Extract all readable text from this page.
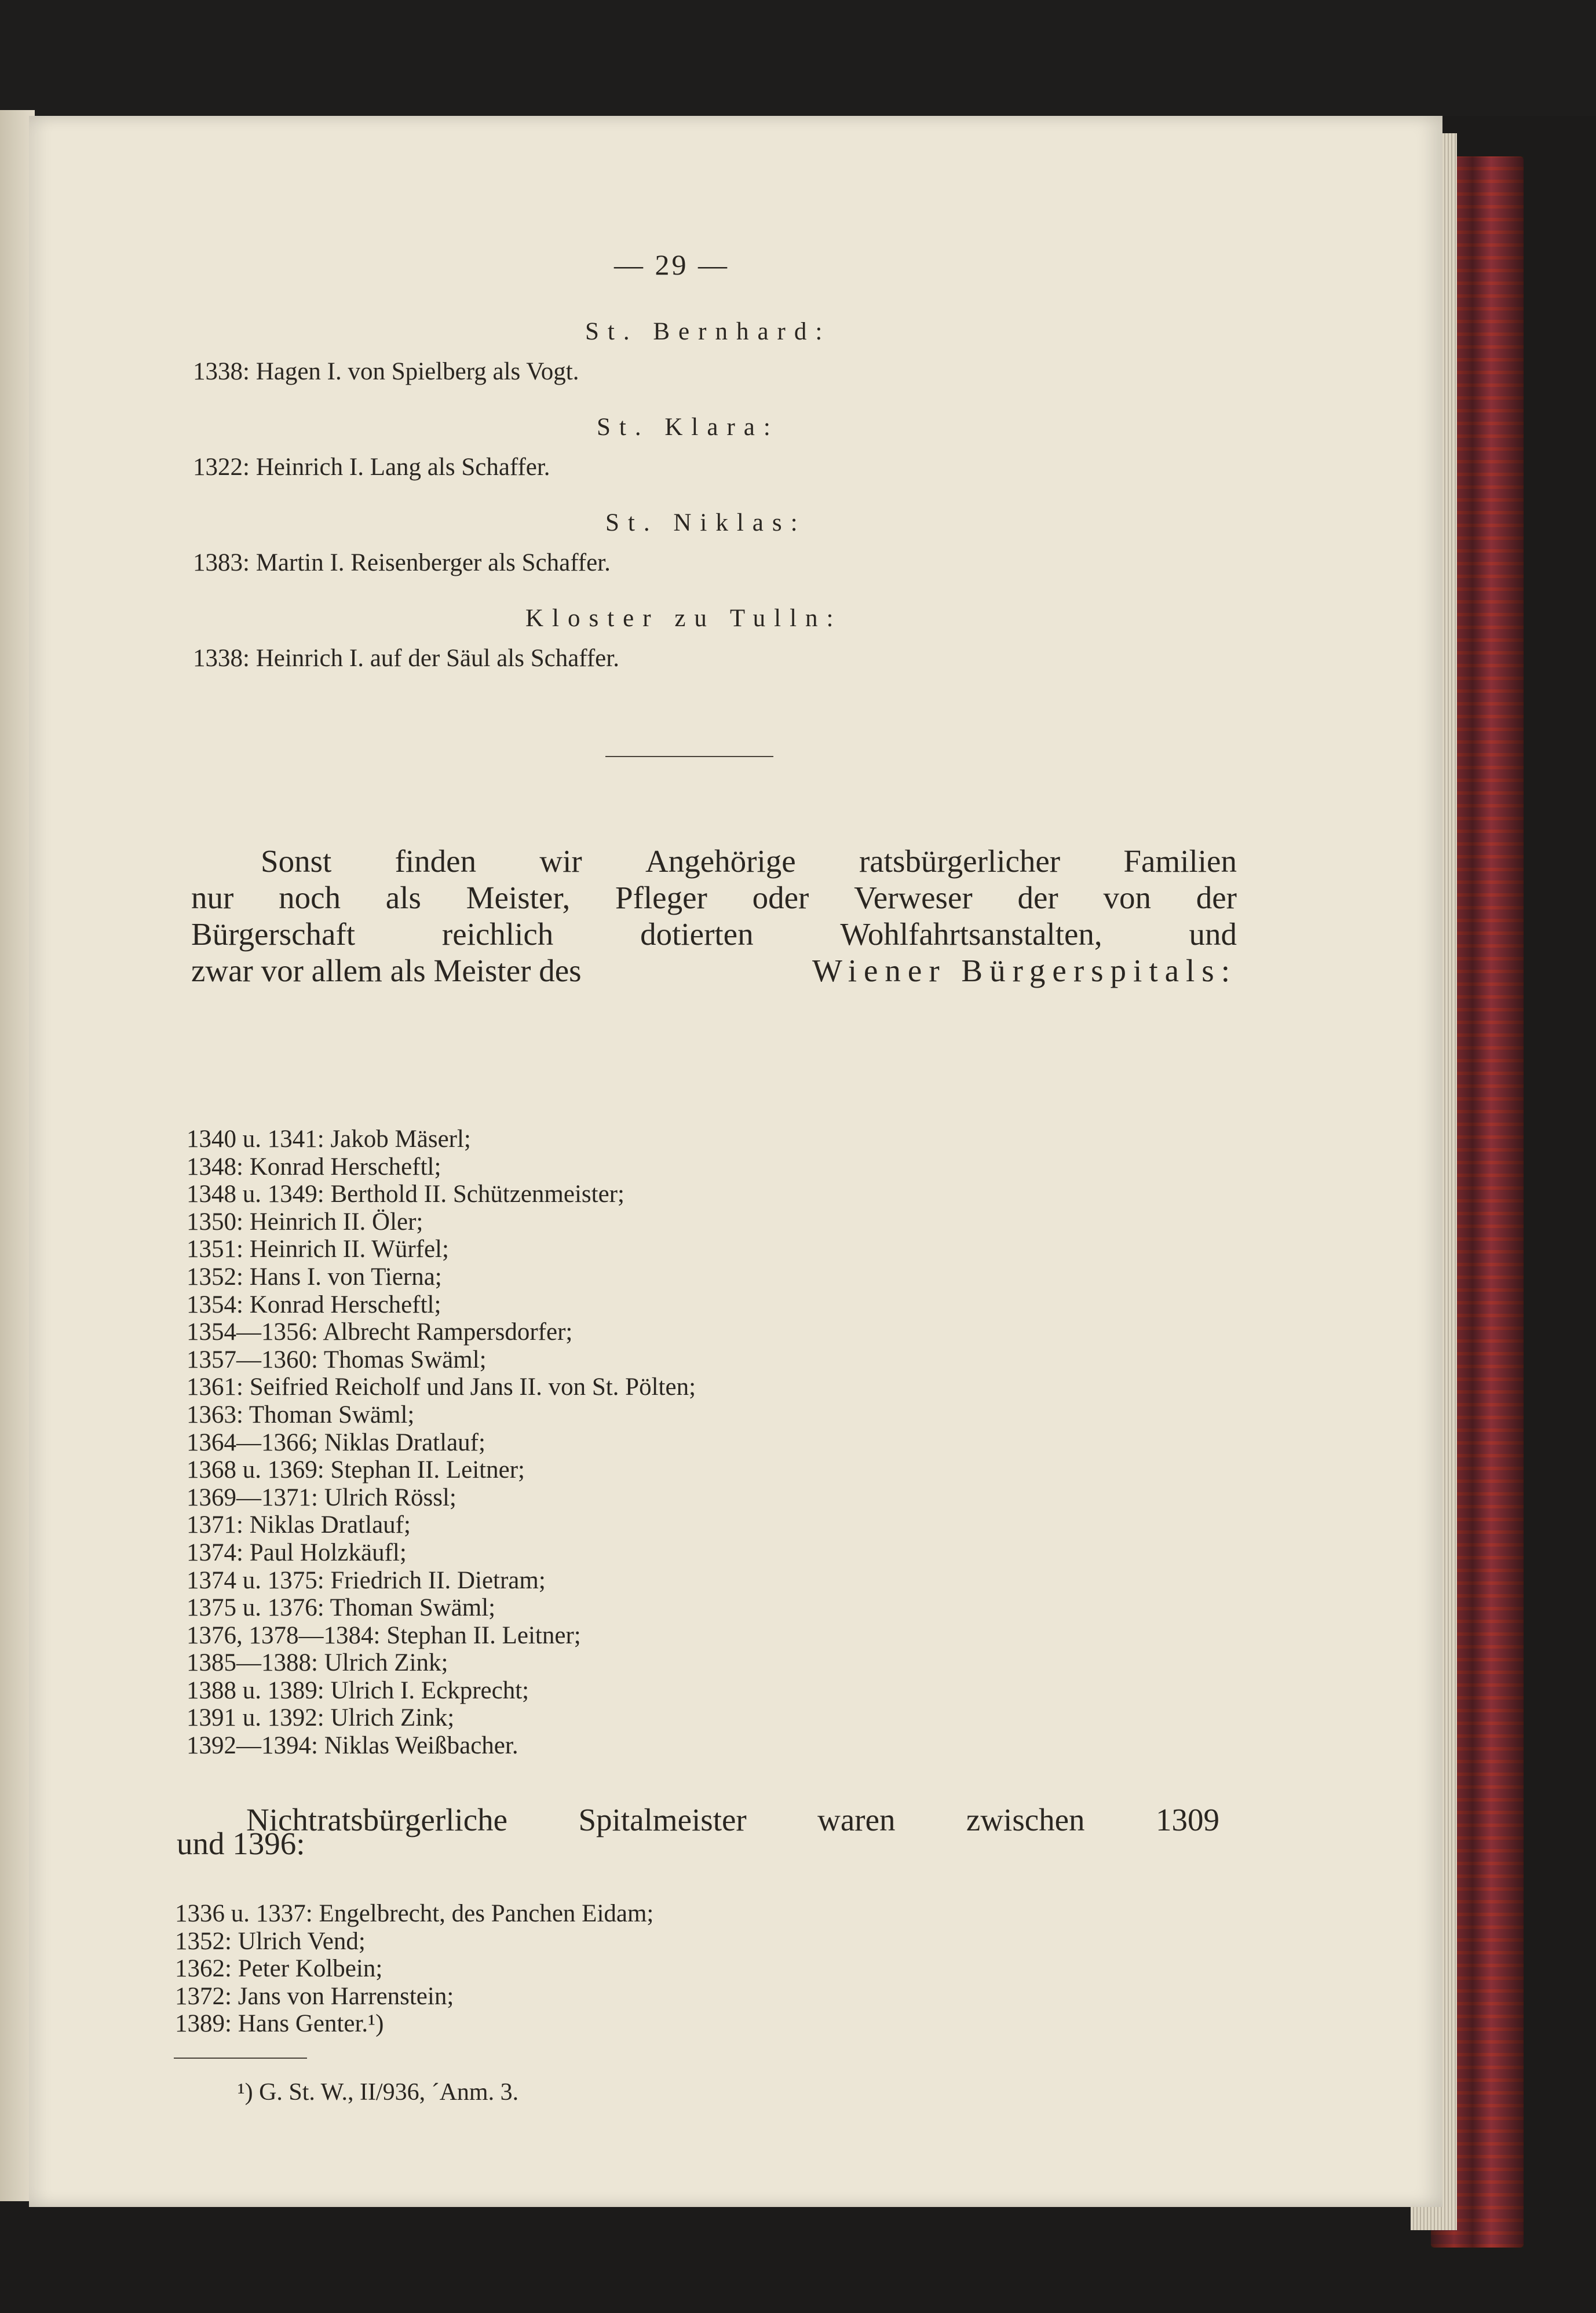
— 29 —
St. Bernhard:
1338: Hagen I. von Spielberg als Vogt.
St. Klara:
1322: Heinrich I. Lang als Schaffer.
St. Niklas:
1383: Martin I. Reisenberger als Schaffer.
Kloster zu Tulln:
1338: Heinrich I. auf der Säul als Schaffer.
Sonst finden wir Angehörige ratsbürgerlicher Familien
nur noch als Meister, Pfleger oder Verweser der von der
Bürgerschaft	reichlich	dotierten	Wohlfahrtsanstalten,	und
zwar vor allem als Meister des	Wiener Bürgerspitals:
1340 u. 1341: Jakob Mäserl;
1348: Konrad Herscheftl;
1348 u. 1349: Berthold II. Schützenmeister;
1350: Heinrich II. Öler;
1351: Heinrich II. Würfel;
1352: Hans I. von Tierna;
1354: Konrad Herscheftl;
1354—1356: Albrecht Rampersdorfer;
1357—1360: Thomas Swäml;
1361: Seifried Reicholf und Jans II. von St. Pölten;
1363: Thoman Swäml;
1364—1366; Niklas Dratlauf;
1368 u. 1369: Stephan II. Leitner;
1369—1371: Ulrich Rössl;
1371: Niklas Dratlauf;
1374: Paul Holzkäufl;
1374 u. 1375: Friedrich II. Dietram;
1375 u. 1376: Thoman Swäml;
1376, 1378—1384: Stephan II. Leitner;
1385—1388: Ulrich Zink;
1388 u. 1389: Ulrich I. Eckprecht;
1391 u. 1392: Ulrich Zink;
1392—1394: Niklas Weißbacher.
Nichtratsbürgerliche Spitalmeister waren zwischen 1309
und 1396:
1336 u. 1337: Engelbrecht, des Panchen Eidam;
1352: Ulrich Vend;
1362: Peter Kolbein;
1372: Jans von Harrenstein;
1389: Hans Genter.¹)
¹) G. St. W., II/936, ´Anm. 3.
